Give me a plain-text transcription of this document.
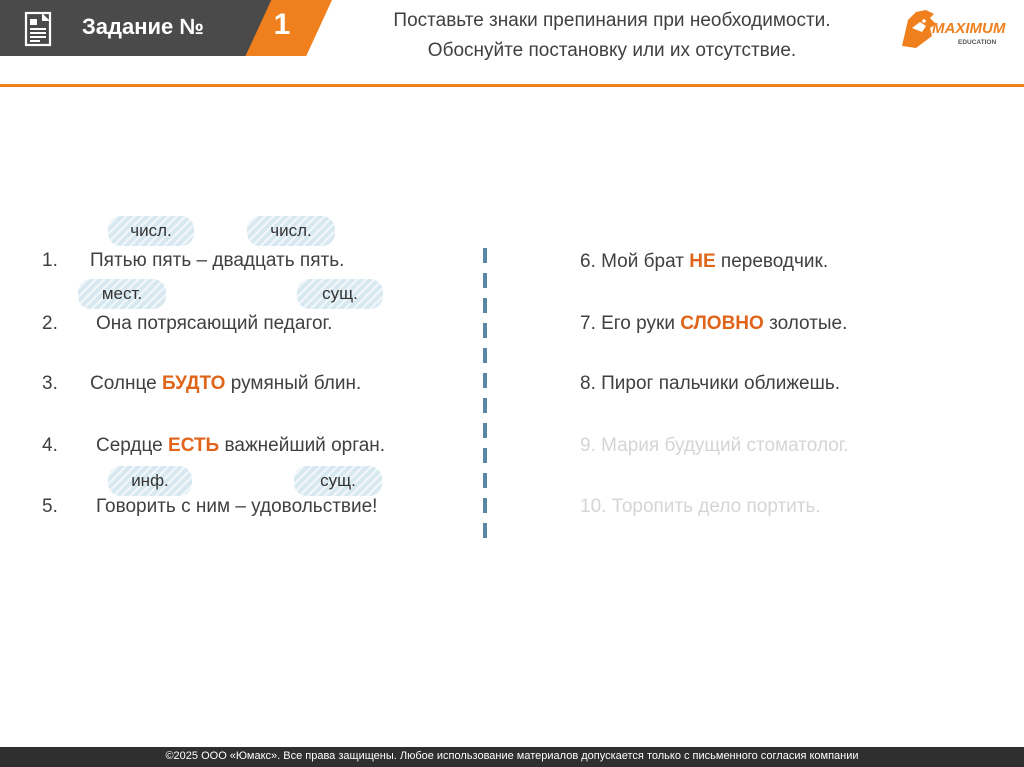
Задание №	1	Поставьте знаки препинания при необходимости.
Обоснуйте постановку или их отсутствие.
MAXIMUM
EDUCATION
числ.	числ.
мест.	сущ.
инф.	сущ.
1. Пятью пять – двадцать пять.
2. Она потрясающий педагог.
3. Солнце БУДТО румяный блин.
4. Сердце ЕСТЬ важнейший орган.
5. Говорить с ним – удовольствие!
6. Мой брат НЕ переводчик.
7. Его руки СЛОВНО золотые.
8. Пирог пальчики оближешь.
9. Мария будущий стоматолог.
10. Торопить дело портить.
©2025 ООО «Юмакс». Все права защищены. Любое использование материалов допускается только с письменного согласия компании
